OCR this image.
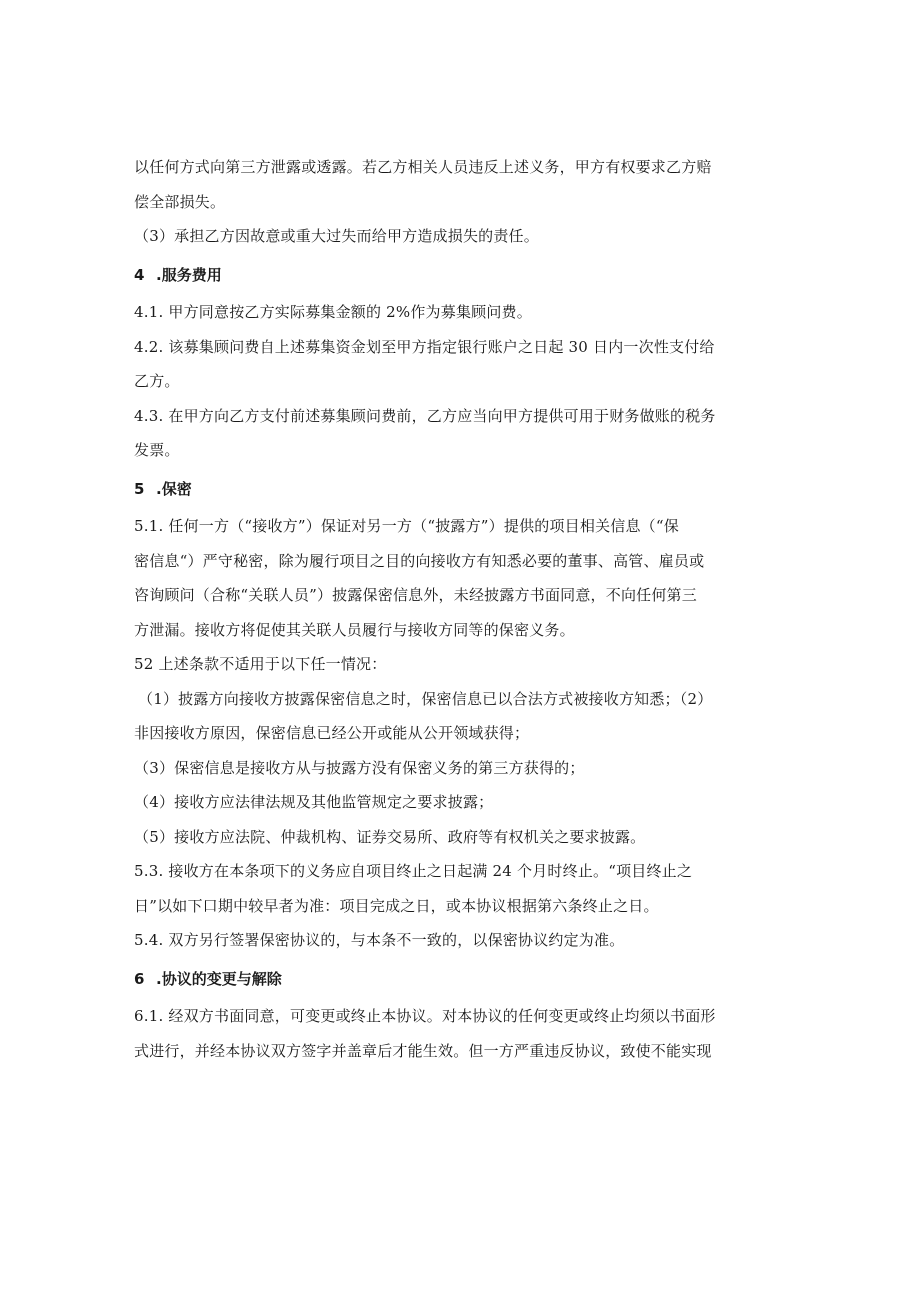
以任何方式向第三方泄露或透露。若乙方相关人员违反上述义务，甲方有权要求乙方赔
偿全部损失。
（3）承担乙方因故意或重大过失而给甲方造成损失的责任。
4 .服务费用
4.1. 甲方同意按乙方实际募集金额的 2%作为募集顾问费。
4.2. 该募集顾问费自上述募集资金划至甲方指定银行账户之日起 30 日内一次性支付给
乙方。
4.3. 在甲方向乙方支付前述募集顾问费前，乙方应当向甲方提供可用于财务做账的税务
发票。
5 .保密
5.1. 任何一方（“接收方”）保证对另一方（“披露方”）提供的项目相关信息（“保
密信息“）严守秘密，除为履行项目之目的向接收方有知悉必要的董事、高管、雇员或
咨询顾问（合称“关联人员”）披露保密信息外，未经披露方书面同意，不向任何第三
方泄漏。接收方将促使其关联人员履行与接收方同等的保密义务。
52 上述条款不适用于以下任一情况：
（1）披露方向接收方披露保密信息之时，保密信息已以合法方式被接收方知悉；（2）
非因接收方原因，保密信息已经公开或能从公开领域获得；
（3）保密信息是接收方从与披露方没有保密义务的第三方获得的；
（4）接收方应法律法规及其他监管规定之要求披露；
（5）接收方应法院、仲裁机构、证券交易所、政府等有权机关之要求披露。
5.3. 接收方在本条项下的义务应自项目终止之日起满 24 个月时终止。“项目终止之
日”以如下口期中较早者为准：项目完成之日，或本协议根据第六条终止之日。
5.4. 双方另行签署保密协议的，与本条不一致的，以保密协议约定为准。
6 .协议的变更与解除
6.1. 经双方书面同意，可变更或终止本协议。对本协议的任何变更或终止均须以书面形
式进行，并经本协议双方签字并盖章后才能生效。但一方严重违反协议，致使不能实现
